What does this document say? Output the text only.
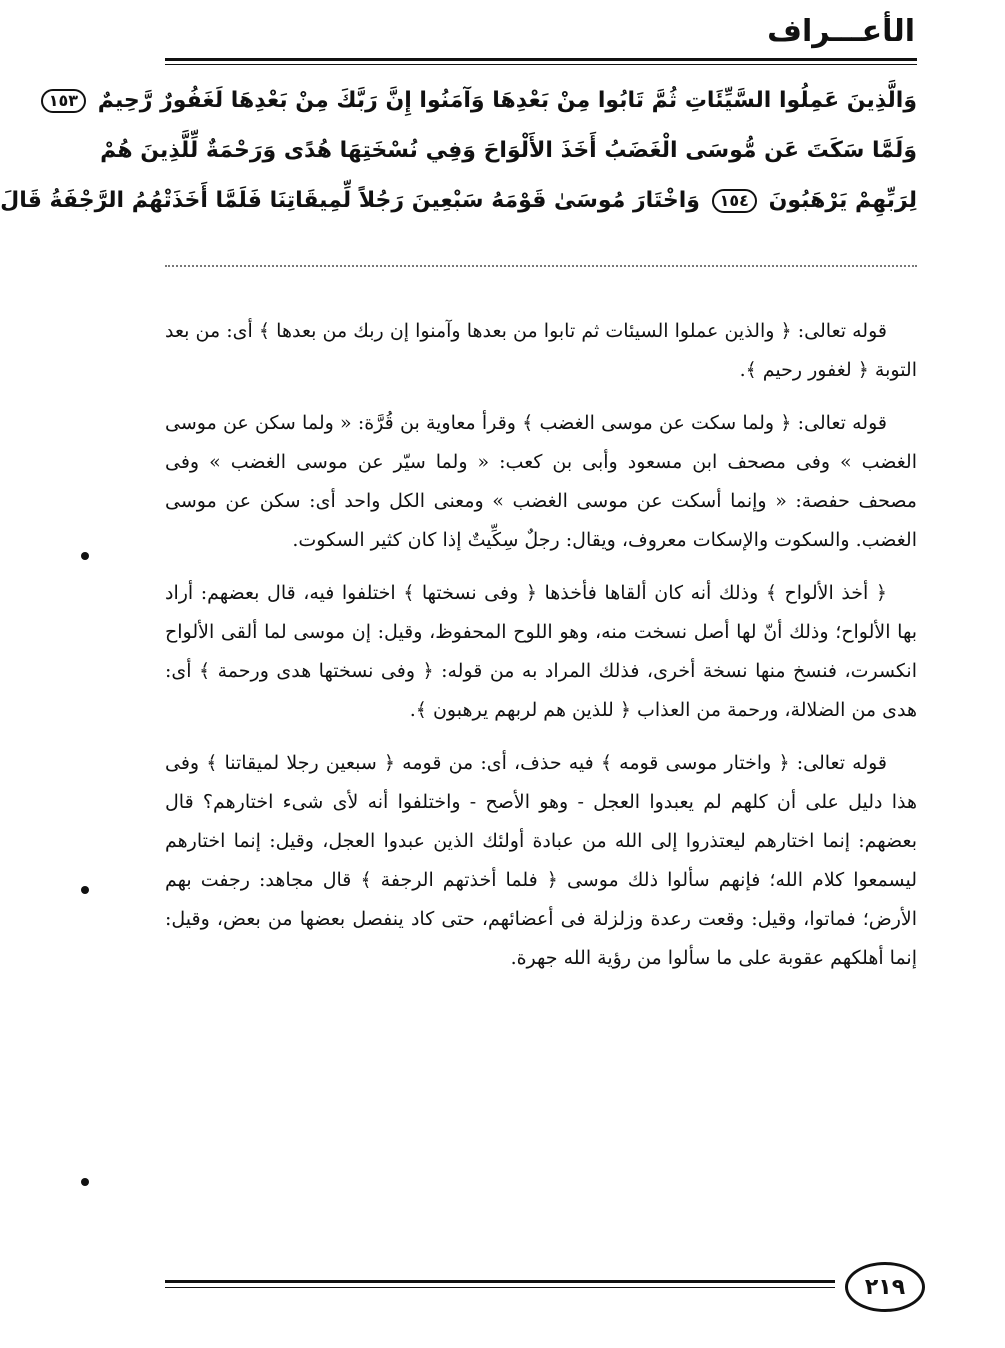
الأعـــراف
وَالَّذِينَ عَمِلُوا السَّيِّئَاتِ ثُمَّ تَابُوا مِنْ بَعْدِهَا وَآمَنُوا إِنَّ رَبَّكَ مِنْ بَعْدِهَا لَغَفُورٌ رَّحِيمٌ ١٥٣
وَلَمَّا سَكَتَ عَن مُّوسَى الْغَضَبُ أَخَذَ الأَلْوَاحَ وَفِي نُسْخَتِهَا هُدًى وَرَحْمَةٌ لِّلَّذِينَ هُمْ
لِرَبِّهِمْ يَرْهَبُونَ ١٥٤ وَاخْتَارَ مُوسَىٰ قَوْمَهُ سَبْعِينَ رَجُلاً لِّمِيقَاتِنَا فَلَمَّا أَخَذَتْهُمُ الرَّجْفَةُ قَالَ

قوله تعالى: ﴿ والذين عملوا السيئات ثم تابوا من بعدها وآمنوا إن ربك من بعدها ﴾ أى: من بعد التوبة ﴿ لغفور رحيم ﴾.

قوله تعالى: ﴿ ولما سكت عن موسى الغضب ﴾ وقرأ معاوية بن قُرَّة: « ولما سكن عن موسى الغضب » وفى مصحف ابن مسعود وأبى بن كعب: « ولما سيّر عن موسى الغضب » وفى مصحف حفصة: « وإنما أسكت عن موسى الغضب » ومعنى الكل واحد أى: سكن عن موسى الغضب. والسكوت والإسكات معروف، ويقال: رجلٌ سِكِّيتٌ إذا كان كثير السكوت.

﴿ أخذ الألواح ﴾ وذلك أنه كان ألقاها فأخذها ﴿ وفى نسختها ﴾ اختلفوا فيه، قال بعضهم: أراد بها الألواح؛ وذلك أنّ لها أصل نسخت منه، وهو اللوح المحفوظ، وقيل: إن موسى لما ألقى الألواح انكسرت، فنسخ منها نسخة أخرى، فذلك المراد به من قوله: ﴿ وفى نسختها هدى ورحمة ﴾ أى: هدى من الضلالة، ورحمة من العذاب ﴿ للذين هم لربهم يرهبون ﴾.

قوله تعالى: ﴿ واختار موسى قومه ﴾ فيه حذف، أى: من قومه ﴿ سبعين رجلا لميقاتنا ﴾ وفى هذا دليل على أن كلهم لم يعبدوا العجل - وهو الأصح - واختلفوا أنه لأى شىء اختارهم؟ قال بعضهم: إنما اختارهم ليعتذروا إلى الله من عبادة أولئك الذين عبدوا العجل، وقيل: إنما اختارهم ليسمعوا كلام الله؛ فإنهم سألوا ذلك موسى ﴿ فلما أخذتهم الرجفة ﴾ قال مجاهد: رجفت بهم الأرض؛ فماتوا، وقيل: وقعت رعدة وزلزلة فى أعضائهم، حتى كاد ينفصل بعضها من بعض، وقيل: إنما أهلكهم عقوبة على ما سألوا من رؤية الله جهرة.

٢١٩
